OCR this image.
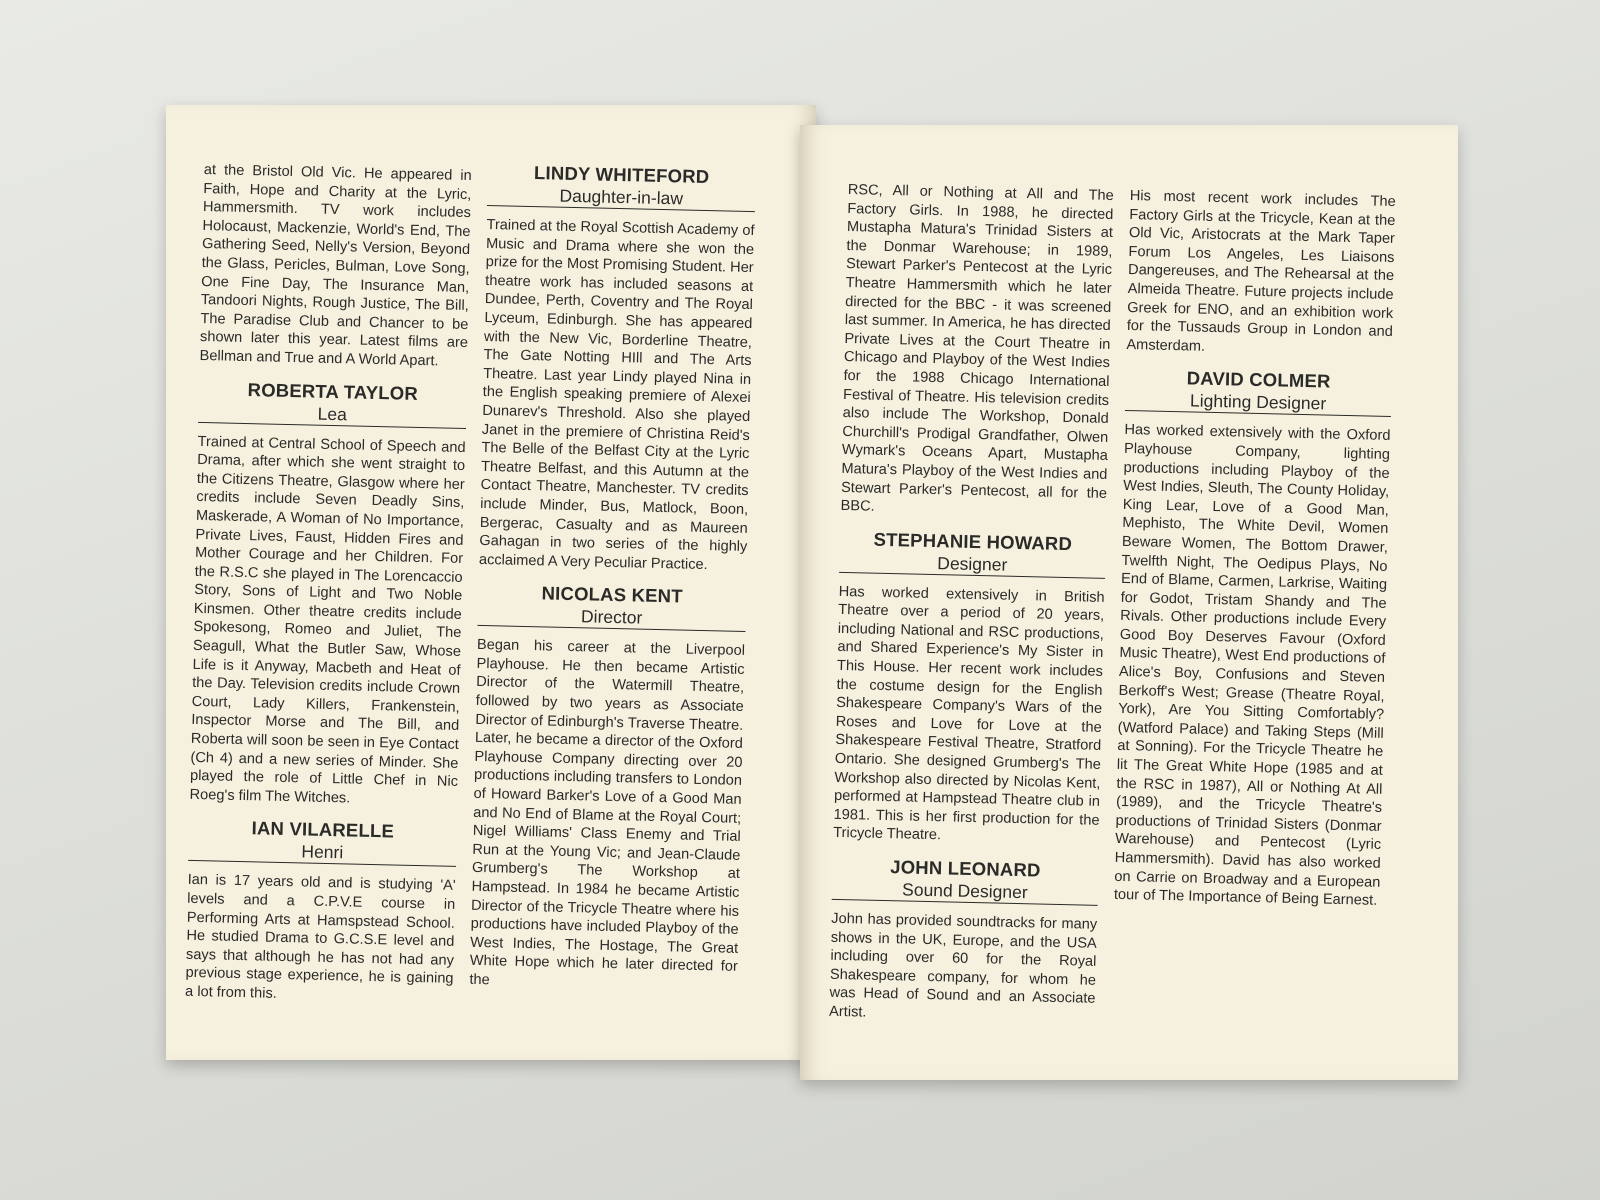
at the Bristol Old Vic. He appeared in Faith, Hope and Charity at the Lyric, Hammersmith. TV work includes Holocaust, Mackenzie, World's End, The Gathering Seed, Nelly's Version, Beyond the Glass, Pericles, Bulman, Love Song, One Fine Day, The Insurance Man, Tandoori Nights, Rough Justice, The Bill, The Paradise Club and Chancer to be shown later this year. Latest films are Bellman and True and A World Apart.

ROBERTA TAYLOR

Lea

Trained at Central School of Speech and Drama, after which she went straight to the Citizens Theatre, Glasgow where her credits include Seven Deadly Sins, Maskerade, A Woman of No Importance, Private Lives, Faust, Hidden Fires and Mother Courage and her Children. For the R.S.C she played in The Lorencaccio Story, Sons of Light and Two Noble Kinsmen. Other theatre credits include Spokesong, Romeo and Juliet, The Seagull, What the Butler Saw, Whose Life is it Anyway, Macbeth and Heat of the Day. Television credits include Crown Court, Lady Killers, Frankenstein, Inspector Morse and The Bill, and Roberta will soon be seen in Eye Contact (Ch 4) and a new series of Minder. She played the role of Little Chef in Nic Roeg's film The Witches.

IAN VILARELLE

Henri

Ian is 17 years old and is studying 'A' levels and a C.P.V.E course in Performing Arts at Hamspstead School. He studied Drama to G.C.S.E level and says that although he has not had any previous stage experience, he is gaining a lot from this.

LINDY WHITEFORD

Daughter-in-law

Trained at the Royal Scottish Academy of Music and Drama where she won the prize for the Most Promising Student. Her theatre work has included seasons at Dundee, Perth, Coventry and The Royal Lyceum, Edinburgh. She has appeared with the New Vic, Borderline Theatre, The Gate Notting HIll and The Arts Theatre. Last year Lindy played Nina in the English speaking premiere of Alexei Dunarev's Threshold. Also she played Janet in the premiere of Christina Reid's The Belle of the Belfast City at the Lyric Theatre Belfast, and this Autumn at the Contact Theatre, Manchester. TV credits include Minder, Bus, Matlock, Boon, Bergerac, Casualty and as Maureen Gahagan in two series of the highly acclaimed A Very Peculiar Practice.

NICOLAS KENT

Director

Began his career at the Liverpool Playhouse. He then became Artistic Director of the Watermill Theatre, followed by two years as Associate Director of Edinburgh's Traverse Theatre. Later, he became a director of the Oxford Playhouse Company directing over 20 productions including transfers to London of Howard Barker's Love of a Good Man and No End of Blame at the Royal Court; Nigel Williams' Class Enemy and Trial Run at the Young Vic; and Jean-Claude Grumberg's The Workshop at Hampstead. In 1984 he became Artistic Director of the Tricycle Theatre where his productions have included Playboy of the West Indies, The Hostage, The Great White Hope which he later directed for the

RSC, All or Nothing at All and The Factory Girls. In 1988, he directed Mustapha Matura's Trinidad Sisters at the Donmar Warehouse; in 1989, Stewart Parker's Pentecost at the Lyric Theatre Hammersmith which he later directed for the BBC - it was screened last summer. In America, he has directed Private Lives at the Court Theatre in Chicago and Playboy of the West Indies for the 1988 Chicago International Festival of Theatre. His television credits also include The Workshop, Donald Churchill's Prodigal Grandfather, Olwen Wymark's Oceans Apart, Mustapha Matura's Playboy of the West Indies and Stewart Parker's Pentecost, all for the BBC.

STEPHANIE HOWARD

Designer

Has worked extensively in British Theatre over a period of 20 years, including National and RSC productions, and Shared Experience's My Sister in This House. Her recent work includes the costume design for the English Shakespeare Company's Wars of the Roses and Love for Love at the Shakespeare Festival Theatre, Stratford Ontario. She designed Grumberg's The Workshop also directed by Nicolas Kent, performed at Hampstead Theatre club in 1981. This is her first production for the Tricycle Theatre.

JOHN LEONARD

Sound Designer

John has provided soundtracks for many shows in the UK, Europe, and the USA including over 60 for the Royal Shakespeare company, for whom he was Head of Sound and an Associate Artist.

His most recent work includes The Factory Girls at the Tricycle, Kean at the Old Vic, Aristocrats at the Mark Taper Forum Los Angeles, Les Liaisons Dangereuses, and The Rehearsal at the Almeida Theatre. Future projects include Greek for ENO, and an exhibition work for the Tussauds Group in London and Amsterdam.

DAVID COLMER

Lighting Designer

Has worked extensively with the Oxford Playhouse Company, lighting productions including Playboy of the West Indies, Sleuth, The County Holiday, King Lear, Love of a Good Man, Mephisto, The White Devil, Women Beware Women, The Bottom Drawer, Twelfth Night, The Oedipus Plays, No End of Blame, Carmen, Larkrise, Waiting for Godot, Tristam Shandy and The Rivals. Other productions include Every Good Boy Deserves Favour (Oxford Music Theatre), West End productions of Alice's Boy, Confusions and Steven Berkoff's West; Grease (Theatre Royal, York), Are You Sitting Comfortably? (Watford Palace) and Taking Steps (Mill at Sonning). For the Tricycle Theatre he lit The Great White Hope (1985 and at the RSC in 1987), All or Nothing At All (1989), and the Tricycle Theatre's productions of Trinidad Sisters (Donmar Warehouse) and Pentecost (Lyric Hammersmith). David has also worked on Carrie on Broadway and a European tour of The Importance of Being Earnest.
